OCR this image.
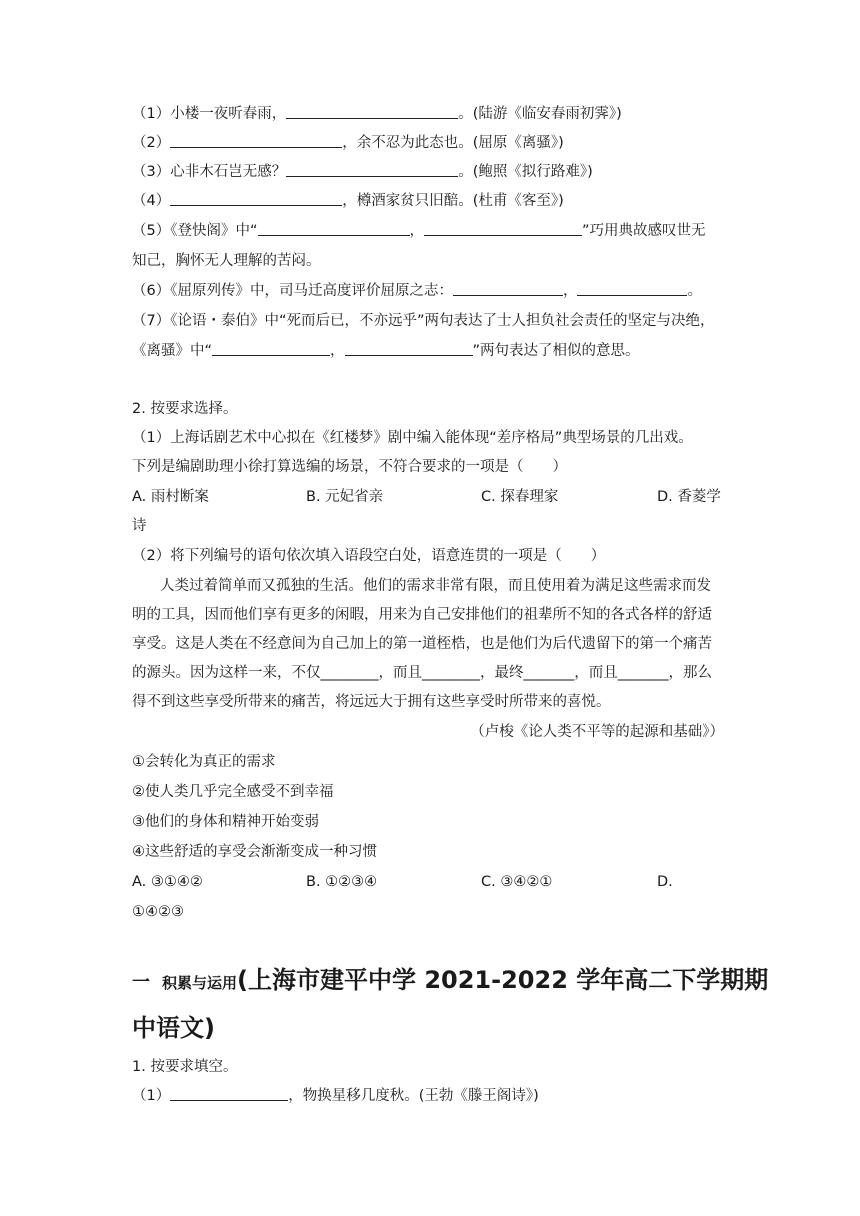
（1）小楼一夜听春雨，	。(陆游《临安春雨初霁》)
（2）	，余不忍为此态也。(屈原《离骚》)
（3）心非木石岂无感？	。(鲍照《拟行路难》)
（4）	，樽酒家贫只旧醅。(杜甫《客至》)
（5）《登快阁》中“	，	”巧用典故感叹世无
知己，胸怀无人理解的苦闷。
（6）《屈原列传》中，司马迁高度评价屈原之志：	，	。
（7）《论语・泰伯》中“死而后已，不亦远乎”两句表达了士人担负社会责任的坚定与决绝，
《离骚》中“	，	”两句表达了相似的意思。
2. 按要求选择。
（1）上海话剧艺术中心拟在《红楼梦》剧中编入能体现“差序格局”典型场景的几出戏。
下列是编剧助理小徐打算选编的场景，不符合要求的一项是（　　）
A. 雨村断案	B. 元妃省亲	C. 探春理家	D. 香菱学
诗
（2）将下列编号的语句依次填入语段空白处，语意连贯的一项是（　　）
人类过着简单而又孤独的生活。他们的需求非常有限，而且使用着为满足这些需求而发
明的工具，因而他们享有更多的闲暇，用来为自己安排他们的祖辈所不知的各式各样的舒适
享受。这是人类在不经意间为自己加上的第一道桎梏，也是他们为后代遗留下的第一个痛苦
的源头。因为这样一来，不仅________，而且________，最终_______，而且_______，那么
得不到这些享受所带来的痛苦，将远远大于拥有这些享受时所带来的喜悦。
（卢梭《论人类不平等的起源和基础》）
①会转化为真正的需求
②使人类几乎完全感受不到幸福
③他们的身体和精神开始变弱
④这些舒适的享受会渐渐变成一种习惯
A. ③①④②	B. ①②③④	C. ③④②①	D.
①④②③
一 积累与运用(上海市建平中学 2021-2022 学年高二下学期期
中语文)
1. 按要求填空。
（1）	，物换星移几度秋。(王勃《滕王阁诗》)
